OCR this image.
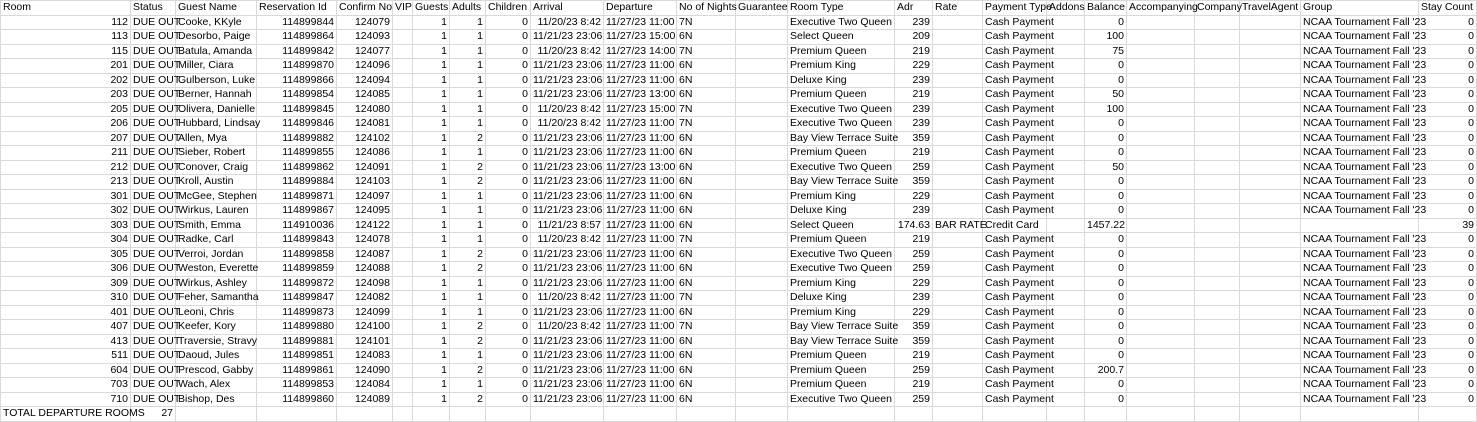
Room	Status	Guest Name	Reservation Id	Confirm No	VIP	Guests	Adults	Children	Arrival	Departure	No of Nights	Guarantee	Room Type	Adr	Rate	Payment Type	Addons	Balance	Accompanying	Company	TravelAgent	Group	Stay Count
112	DUE OUT	Cooke, KKyle	114899844	124079		1	1	0	11/20/23 8:42	11/27/23 11:00	7N		Executive Two Queen	239		Cash Payment		0				NCAA Tournament Fall '23	0
113	DUE OUT	Desorbo, Paige	114899864	124093		1	1	0	11/21/23 23:06	11/27/23 15:00	6N		Select Queen	209		Cash Payment		100				NCAA Tournament Fall '23	0
115	DUE OUT	Batula, Amanda	114899842	124077		1	1	0	11/20/23 8:42	11/27/23 14:00	7N		Premium Queen	219		Cash Payment		75				NCAA Tournament Fall '23	0
201	DUE OUT	Miller, Ciara	114899870	124096		1	1	0	11/21/23 23:06	11/27/23 11:00	6N		Premium King	229		Cash Payment		0				NCAA Tournament Fall '23	0
202	DUE OUT	Gulberson, Luke	114899866	124094		1	1	0	11/21/23 23:06	11/27/23 11:00	6N		Deluxe King	239		Cash Payment		0				NCAA Tournament Fall '23	0
203	DUE OUT	Berner, Hannah	114899854	124085		1	1	0	11/21/23 23:06	11/27/23 13:00	6N		Premium Queen	219		Cash Payment		50				NCAA Tournament Fall '23	0
205	DUE OUT	Olivera, Danielle	114899845	124080		1	1	0	11/20/23 8:42	11/27/23 15:00	7N		Executive Two Queen	239		Cash Payment		100				NCAA Tournament Fall '23	0
206	DUE OUT	Hubbard, Lindsay	114899846	124081		1	1	0	11/20/23 8:42	11/27/23 11:00	7N		Executive Two Queen	239		Cash Payment		0				NCAA Tournament Fall '23	0
207	DUE OUT	Allen, Mya	114899882	124102		1	2	0	11/21/23 23:06	11/27/23 11:00	6N		Bay View Terrace Suite	359		Cash Payment		0				NCAA Tournament Fall '23	0
211	DUE OUT	Sieber, Robert	114899855	124086		1	1	0	11/21/23 23:06	11/27/23 11:00	6N		Premium Queen	219		Cash Payment		0				NCAA Tournament Fall '23	0
212	DUE OUT	Conover, Craig	114899862	124091		1	2	0	11/21/23 23:06	11/27/23 13:00	6N		Executive Two Queen	259		Cash Payment		50				NCAA Tournament Fall '23	0
213	DUE OUT	Kroll, Austin	114899884	124103		1	2	0	11/21/23 23:06	11/27/23 11:00	6N		Bay View Terrace Suite	359		Cash Payment		0				NCAA Tournament Fall '23	0
301	DUE OUT	McGee, Stephen	114899871	124097		1	1	0	11/21/23 23:06	11/27/23 11:00	6N		Premium King	229		Cash Payment		0				NCAA Tournament Fall '23	0
302	DUE OUT	Wirkus, Lauren	114899867	124095		1	1	0	11/21/23 23:06	11/27/23 11:00	6N		Deluxe King	239		Cash Payment		0				NCAA Tournament Fall '23	0
303	DUE OUT	Smith, Emma	114910036	124122		1	1	0	11/21/23 8:57	11/27/23 11:00	6N		Select Queen	174.63	BAR RATE	Credit Card		1457.22					39
304	DUE OUT	Radke, Carl	114899843	124078		1	1	0	11/20/23 8:42	11/27/23 11:00	7N		Premium Queen	219		Cash Payment		0				NCAA Tournament Fall '23	0
305	DUE OUT	Verroi, Jordan	114899858	124087		1	2	0	11/21/23 23:06	11/27/23 11:00	6N		Executive Two Queen	259		Cash Payment		0				NCAA Tournament Fall '23	0
306	DUE OUT	Weston, Everette	114899859	124088		1	2	0	11/21/23 23:06	11/27/23 11:00	6N		Executive Two Queen	259		Cash Payment		0				NCAA Tournament Fall '23	0
309	DUE OUT	Wirkus, Ashley	114899872	124098		1	1	0	11/21/23 23:06	11/27/23 11:00	6N		Premium King	229		Cash Payment		0				NCAA Tournament Fall '23	0
310	DUE OUT	Feher, Samantha	114899847	124082		1	1	0	11/20/23 8:42	11/27/23 11:00	7N		Deluxe King	239		Cash Payment		0				NCAA Tournament Fall '23	0
401	DUE OUT	Leoni, Chris	114899873	124099		1	1	0	11/21/23 23:06	11/27/23 11:00	6N		Premium King	229		Cash Payment		0				NCAA Tournament Fall '23	0
407	DUE OUT	Keefer, Kory	114899880	124100		1	2	0	11/20/23 8:42	11/27/23 11:00	7N		Bay View Terrace Suite	359		Cash Payment		0				NCAA Tournament Fall '23	0
413	DUE OUT	Traversie, Stravy	114899881	124101		1	2	0	11/21/23 23:06	11/27/23 11:00	6N		Bay View Terrace Suite	359		Cash Payment		0				NCAA Tournament Fall '23	0
511	DUE OUT	Daoud, Jules	114899851	124083		1	1	0	11/21/23 23:06	11/27/23 11:00	6N		Premium Queen	219		Cash Payment		0				NCAA Tournament Fall '23	0
604	DUE OUT	Prescod, Gabby	114899861	124090		1	2	0	11/21/23 23:06	11/27/23 11:00	6N		Premium Queen	259		Cash Payment		200.7				NCAA Tournament Fall '23	0
703	DUE OUT	Wach, Alex	114899853	124084		1	1	0	11/21/23 23:06	11/27/23 11:00	6N		Premium Queen	219		Cash Payment		0				NCAA Tournament Fall '23	0
710	DUE OUT	Bishop, Des	114899860	124089		1	2	0	11/21/23 23:06	11/27/23 11:00	6N		Executive Two Queen	259		Cash Payment		0				NCAA Tournament Fall '23	0
TOTAL DEPARTURE ROOMS	27																						
